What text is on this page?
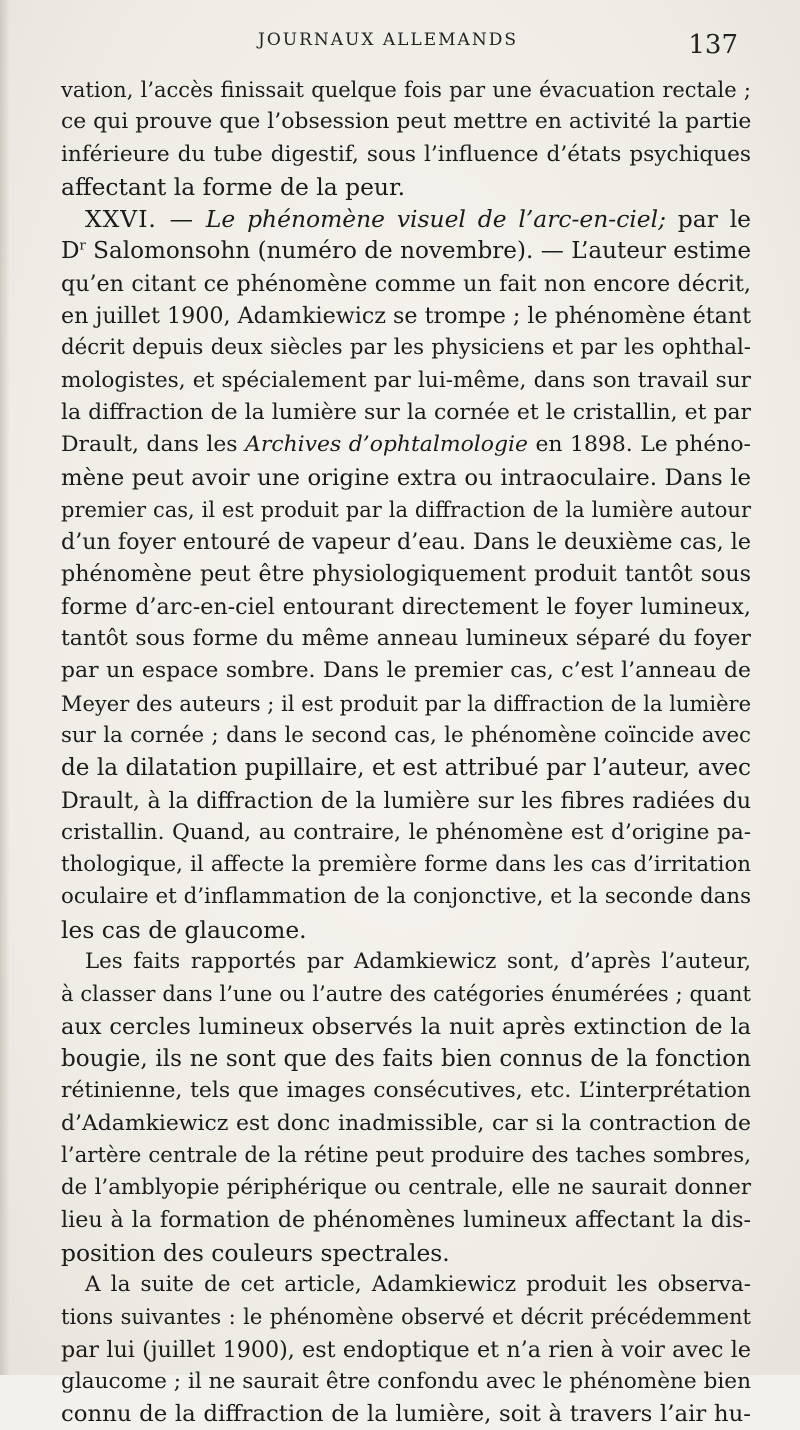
JOURNAUX ALLEMANDS	137
vation, l’accès finissait quelque fois par une évacuation rectale ;
ce qui prouve que l’obsession peut mettre en activité la partie
inférieure du tube digestif, sous l’influence d’états psychiques
affectant la forme de la peur.
XXVI. — Le phénomène visuel de l’arc-en-ciel; par le
$D^r$ Salomonsohn (numéro de novembre). — L’auteur estime
qu’en citant ce phénomène comme un fait non encore décrit,
en juillet 1900, Adamkiewicz se trompe ; le phénomène étant
décrit depuis deux siècles par les physiciens et par les ophthal-
mologistes, et spécialement par lui-même, dans son travail sur
la diffraction de la lumière sur la cornée et le cristallin, et par
Drault, dans les Archives d’ophtalmologie en 1898. Le phéno-
mène peut avoir une origine extra ou intraoculaire. Dans le
premier cas, il est produit par la diffraction de la lumière autour
d’un foyer entouré de vapeur d’eau. Dans le deuxième cas, le
phénomène peut être physiologiquement produit tantôt sous
forme d’arc-en-ciel entourant directement le foyer lumineux,
tantôt sous forme du même anneau lumineux séparé du foyer
par un espace sombre. Dans le premier cas, c’est l’anneau de
Meyer des auteurs ; il est produit par la diffraction de la lumière
sur la cornée ; dans le second cas, le phénomène coïncide avec
de la dilatation pupillaire, et est attribué par l’auteur, avec
Drault, à la diffraction de la lumière sur les fibres radiées du
cristallin. Quand, au contraire, le phénomène est d’origine pa-
thologique, il affecte la première forme dans les cas d’irritation
oculaire et d’inflammation de la conjonctive, et la seconde dans
les cas de glaucome.
Les faits rapportés par Adamkiewicz sont, d’après l’auteur,
à classer dans l’une ou l’autre des catégories énumérées ; quant
aux cercles lumineux observés la nuit après extinction de la
bougie, ils ne sont que des faits bien connus de la fonction
rétinienne, tels que images consécutives, etc. L’interprétation
d’Adamkiewicz est donc inadmissible, car si la contraction de
l’artère centrale de la rétine peut produire des taches sombres,
de l’amblyopie périphérique ou centrale, elle ne saurait donner
lieu à la formation de phénomènes lumineux affectant la dis-
position des couleurs spectrales.
A la suite de cet article, Adamkiewicz produit les observa-
tions suivantes : le phénomène observé et décrit précédemment
par lui (juillet 1900), est endoptique et n’a rien à voir avec le
glaucome ; il ne saurait être confondu avec le phénomène bien
connu de la diffraction de la lumière, soit à travers l’air hu-
